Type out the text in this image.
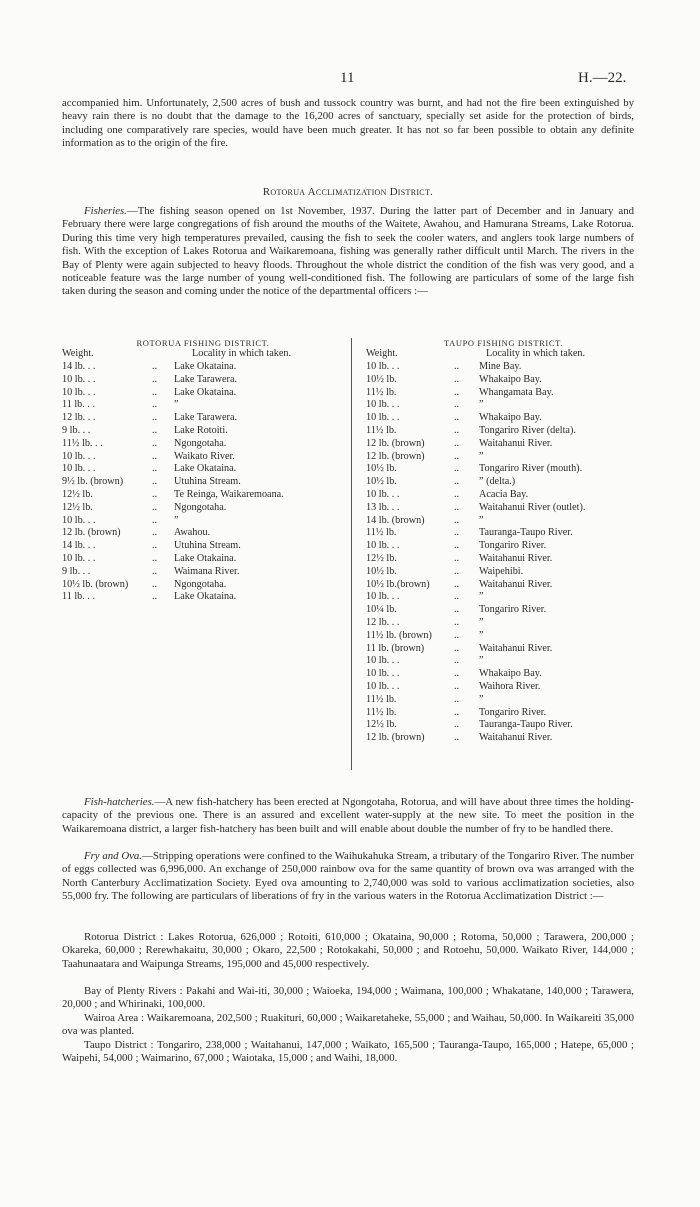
11	H.—22.

accompanied him. Unfortunately, 2,500 acres of bush and tussock country was burnt, and had not the fire been extinguished by heavy rain there is no doubt that the damage to the 16,200 acres of sanctuary, specially set aside for the protection of birds, including one comparatively rare species, would have been much greater. It has not so far been possible to obtain any definite information as to the origin of the fire.

Rotorua Acclimatization District.

Fisheries.—The fishing season opened on 1st November, 1937. During the latter part of December and in January and February there were large congregations of fish around the mouths of the Waitete, Awahou, and Hamurana Streams, Lake Rotorua. During this time very high temperatures prevailed, causing the fish to seek the cooler waters, and anglers took large numbers of fish. With the exception of Lakes Rotorua and Waikaremoana, fishing was generally rather difficult until March. The rivers in the Bay of Plenty were again subjected to heavy floods. Throughout the whole district the condition of the fish was very good, and a noticeable feature was the large number of young well-conditioned fish. The following are particulars of some of the large fish taken during the season and coming under the notice of the departmental officers :—

ROTORUA FISHING DISTRICT.
Weight.	Locality in which taken.
14 lb. . .	.. Lake Okataina.
10 lb. . .	.. Lake Tarawera.
10 lb. . .	.. Lake Okataina.
11 lb. . .	.. ”
12 lb. . .	.. Lake Tarawera.
9 lb. . .	.. Lake Rotoiti.
11½ lb. . .	.. Ngongotaha.
10 lb. . .	.. Waikato River.
10 lb. . .	.. Lake Okataina.
9½ lb. (brown)	.. Utuhina Stream.
12½ lb.	.. Te Reinga, Waikaremoana.
12½ lb.	.. Ngongotaha.
10 lb. . .	.. ”
12 lb. (brown)	.. Awahou.
14 lb. . .	.. Utuhina Stream.
10 lb. . .	.. Lake Otakaina.
9 lb. . .	.. Waimana River.
10½ lb. (brown) .. Ngongotaha.
11 lb. . .	.. Lake Okataina.
TAUPO FISHING DISTRICT.
Weight.	Locality in which taken.
10 lb. . .	.. Mine Bay.
10½ lb.	.. Whakaipo Bay.
11½ lb.	.. Whangamata Bay.
10 lb. . .	.. ”
10 lb. . .	.. Whakaipo Bay.
11½ lb.	.. Tongariro River (delta).
12 lb. (brown)	.. Waitahanui River.
12 lb. (brown)	.. ”
10½ lb.	.. Tongariro River (mouth).
10½ lb.	.. ” (delta.)
10 lb. . .	.. Acacia Bay.
13 lb. . .	.. Waitahanui River (outlet).
14 lb. (brown)	.. ”
11½ lb.	.. Tauranga-Taupo River.
10 lb. . .	.. Tongariro River.
12½ lb.	.. Waitahanui River.
10½ lb.	.. Waipehibi.
10½ lb.(brown) .. Waitahanui River.
10 lb. . .	.. ”
10¼ lb.	.. Tongariro River.
12 lb. . .	.. ”
11½ lb. (brown) .. ”
11 lb. (brown)	.. Waitahanui River.
10 lb. . .	.. ”
10 lb. . .	.. Whakaipo Bay.
10 lb. . .	.. Waihora River.
11½ lb.	.. ”
11½ lb.	.. Tongariro River.
12½ lb.	.. Tauranga-Taupo River.
12 lb. (brown)	.. Waitahanui River.

Fish-hatcheries.—A new fish-hatchery has been erected at Ngongotaha, Rotorua, and will have about three times the holding-capacity of the previous one. There is an assured and excellent water-supply at the new site. To meet the position in the Waikaremoana district, a larger fish-hatchery has been built and will enable about double the number of fry to be handled there.

Fry and Ova.—Stripping operations were confined to the Waihukahuka Stream, a tributary of the Tongariro River. The number of eggs collected was 6,996,000. An exchange of 250,000 rainbow ova for the same quantity of brown ova was arranged with the North Canterbury Acclimatization Society. Eyed ova amounting to 2,740,000 was sold to various acclimatization societies, also 55,000 fry. The following are particulars of liberations of fry in the various waters in the Rotorua Acclimatization District :—

Rotorua District : Lakes Rotorua, 626,000 ; Rotoiti, 610,000 ; Okataina, 90,000 ; Rotoma, 50,000 ; Tarawera, 200,000 ; Okareka, 60,000 ; Rerewhakaitu, 30,000 ; Okaro, 22,500 ; Rotokakahi, 50,000 ; and Rotoehu, 50,000. Waikato River, 144,000 ; Taahunaatara and Waipunga Streams, 195,000 and 45,000 respectively.

Bay of Plenty Rivers : Pakahi and Wai-iti, 30,000 ; Waioeka, 194,000 ; Waimana, 100,000 ; Whakatane, 140,000 ; Tarawera, 20,000 ; and Whirinaki, 100,000.

Wairoa Area : Waikaremoana, 202,500 ; Ruakituri, 60,000 ; Waikaretaheke, 55,000 ; and Waihau, 50,000. In Waikareiti 35,000 ova was planted.

Taupo District : Tongariro, 238,000 ; Waitahanui, 147,000 ; Waikato, 165,500 ; Tauranga-Taupo, 165,000 ; Hatepe, 65,000 ; Waipehi, 54,000 ; Waimarino, 67,000 ; Waiotaka, 15,000 ; and Waihi, 18,000.
